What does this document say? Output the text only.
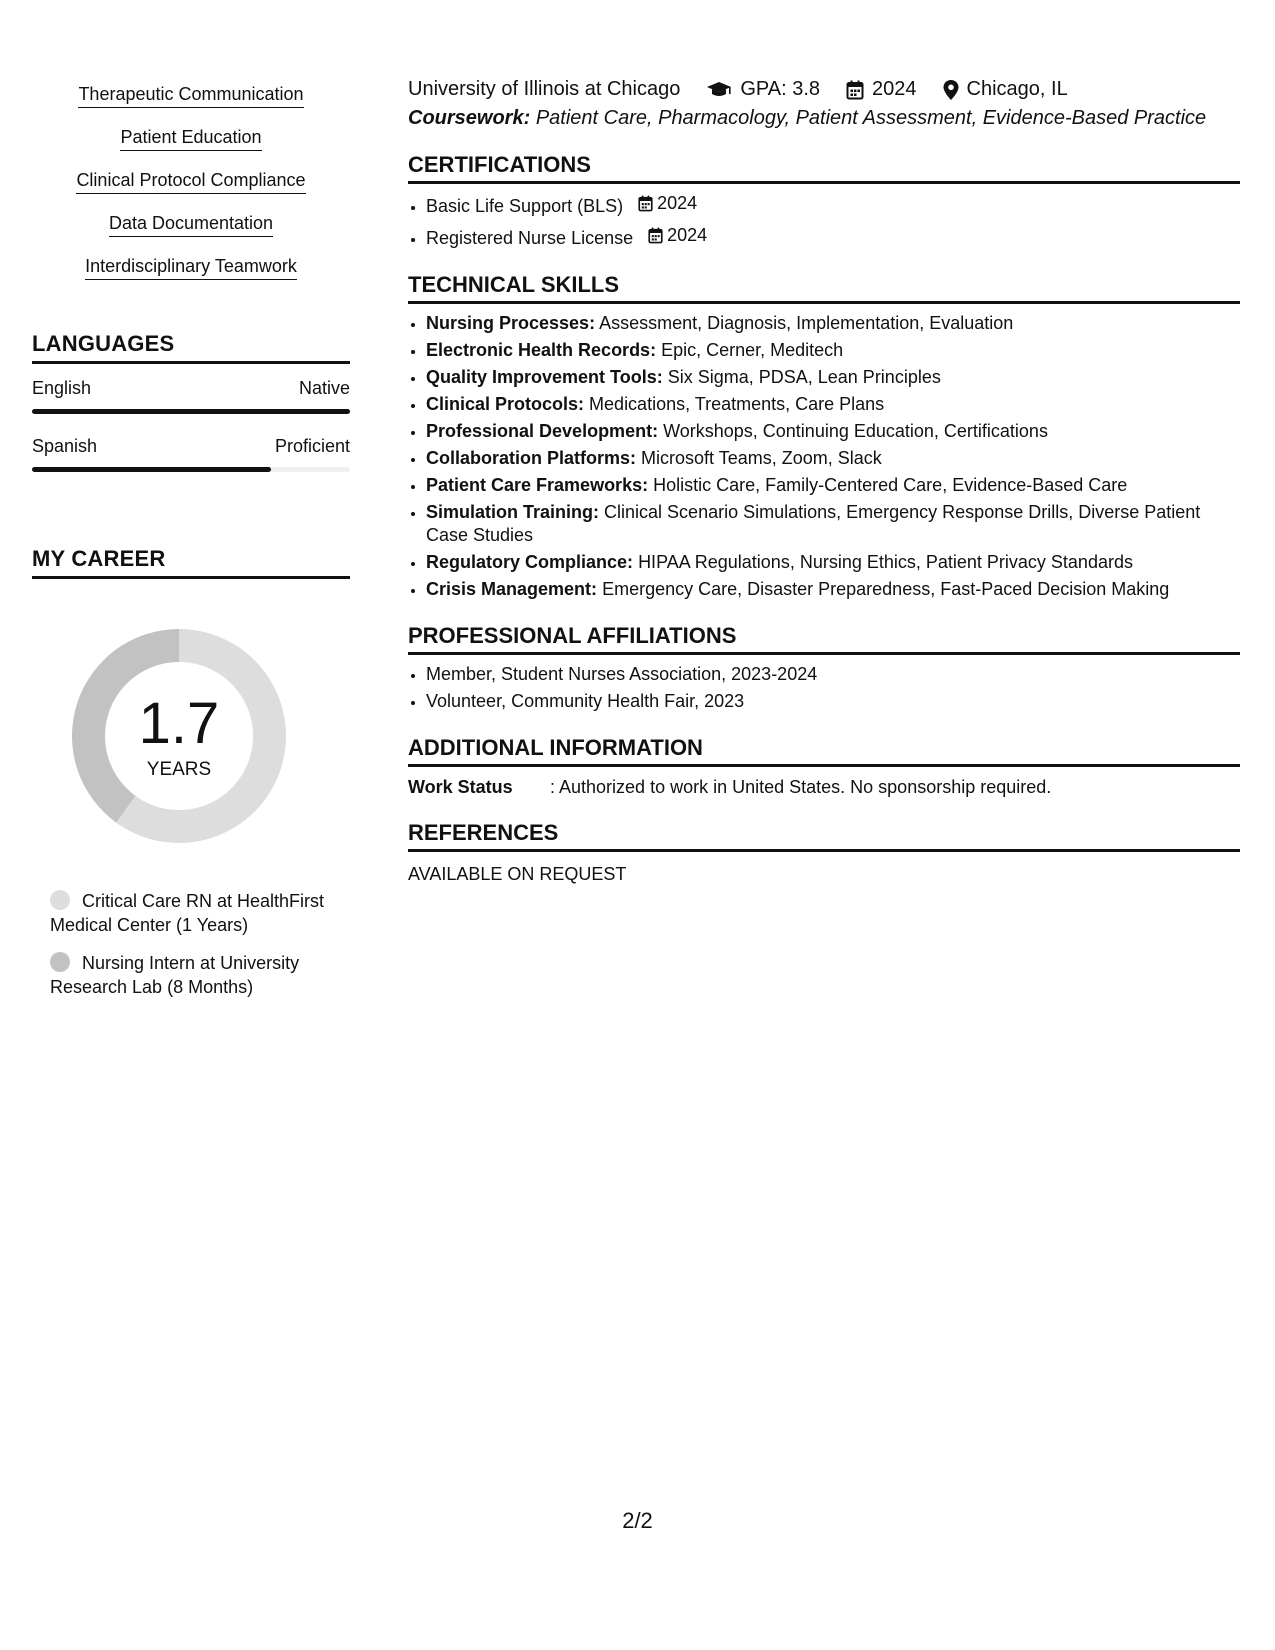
Therapeutic Communication
Patient Education
Clinical Protocol Compliance
Data Documentation
Interdisciplinary Teamwork
LANGUAGES
English	Native
Spanish	Proficient
MY CAREER
1.7
YEARS
Critical Care RN at HealthFirst Medical Center (1 Years)
Nursing Intern at University Research Lab (8 Months)
University of Illinois at Chicago	GPA: 3.8	2024	Chicago, IL
Coursework: Patient Care, Pharmacology, Patient Assessment, Evidence-Based Practice
CERTIFICATIONS
• Basic Life Support (BLS) 2024
• Registered Nurse License 2024
TECHNICAL SKILLS
• Nursing Processes: Assessment, Diagnosis, Implementation, Evaluation
• Electronic Health Records: Epic, Cerner, Meditech
• Quality Improvement Tools: Six Sigma, PDSA, Lean Principles
• Clinical Protocols: Medications, Treatments, Care Plans
• Professional Development: Workshops, Continuing Education, Certifications
• Collaboration Platforms: Microsoft Teams, Zoom, Slack
• Patient Care Frameworks: Holistic Care, Family-Centered Care, Evidence-Based Care
• Simulation Training: Clinical Scenario Simulations, Emergency Response Drills, Diverse Patient Case Studies
• Regulatory Compliance: HIPAA Regulations, Nursing Ethics, Patient Privacy Standards
• Crisis Management: Emergency Care, Disaster Preparedness, Fast-Paced Decision Making
PROFESSIONAL AFFILIATIONS
• Member, Student Nurses Association, 2023-2024
• Volunteer, Community Health Fair, 2023
ADDITIONAL INFORMATION
Work Status	: Authorized to work in United States. No sponsorship required.
REFERENCES
AVAILABLE ON REQUEST
2/2
